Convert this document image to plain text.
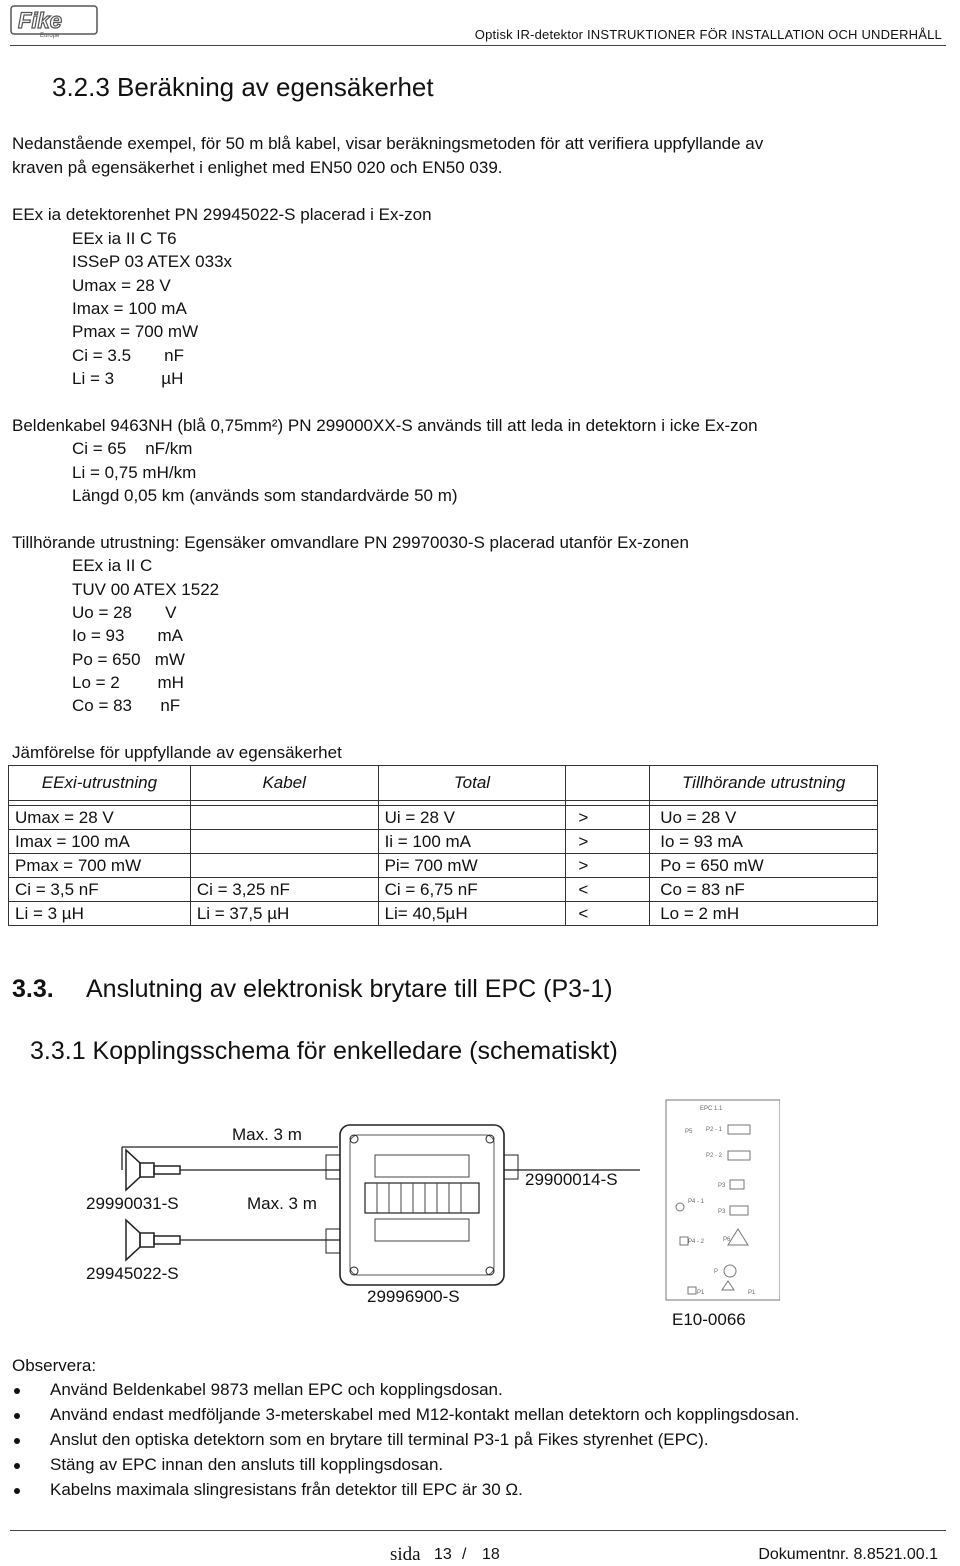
Fike
Europe	Optisk IR-detektor INSTRUKTIONER FÖR INSTALLATION OCH UNDERHÅLL
3.2.3 Beräkning av egensäkerhet
Nedanstående exempel, för 50 m blå kabel, visar beräkningsmetoden för att verifiera uppfyllande av
kraven på egensäkerhet i enlighet med EN50 020 och EN50 039.
EEx ia detektorenhet PN 29945022-S placerad i Ex-zon
EEx ia II C T6
ISSeP 03 ATEX 033x
Umax = 28 V
Imax = 100 mA
Pmax = 700 mW
Ci = 3.5       nF
Li = 3          µH
Beldenkabel 9463NH (blå 0,75mm²) PN 299000XX-S används till att leda in detektorn i icke Ex-zon
Ci = 65    nF/km
Li = 0,75 mH/km
Längd 0,05 km (används som standardvärde 50 m)
Tillhörande utrustning: Egensäker omvandlare PN 29970030-S placerad utanför Ex-zonen
EEx ia II C
TUV 00 ATEX 1522
Uo = 28       V
Io = 93       mA
Po = 650   mW
Lo = 2        mH
Co = 83      nF
Jämförelse för uppfyllande av egensäkerhet
EExi-utrustning	Kabel	Total		Tillhörande utrustning

Umax = 28 V		Ui = 28 V	>	Uo = 28 V
Imax = 100 mA		Ii = 100 mA	>	Io = 93 mA
Pmax = 700 mW		Pi= 700 mW	>	Po = 650 mW
Ci = 3,5 nF	Ci = 3,25 nF	Ci = 6,75 nF	<	Co = 83 nF
Li = 3 µH	Li = 37,5 µH	Li= 40,5µH	<	Lo = 2 mH
3.3. Anslutning av elektronisk brytare till EPC (P3-1)
3.3.1 Kopplingsschema för enkelledare (schematiskt)
EPC 1.1
P5 P2 - 1
P2 - 2
P3
P4 - 1
P3
P4 - 2	P6
P
P1	P1
Max. 3 m
Max. 3 m
29990031-S
29945022-S
29996900-S
29900014-S
E10-0066
Observera:
Använd Beldenkabel 9873 mellan EPC och kopplingsdosan.
Använd endast medföljande 3-meterskabel med M12-kontakt mellan detektorn och kopplingsdosan.
Anslut den optiska detektorn som en brytare till terminal P3-1 på Fikes styrenhet (EPC).
Stäng av EPC innan den ansluts till kopplingsdosan.
Kabelns maximala slingresistans från detektor till EPC är 30 Ω.
sida 13 / 18	Dokumentnr. 8.8521.00.1
